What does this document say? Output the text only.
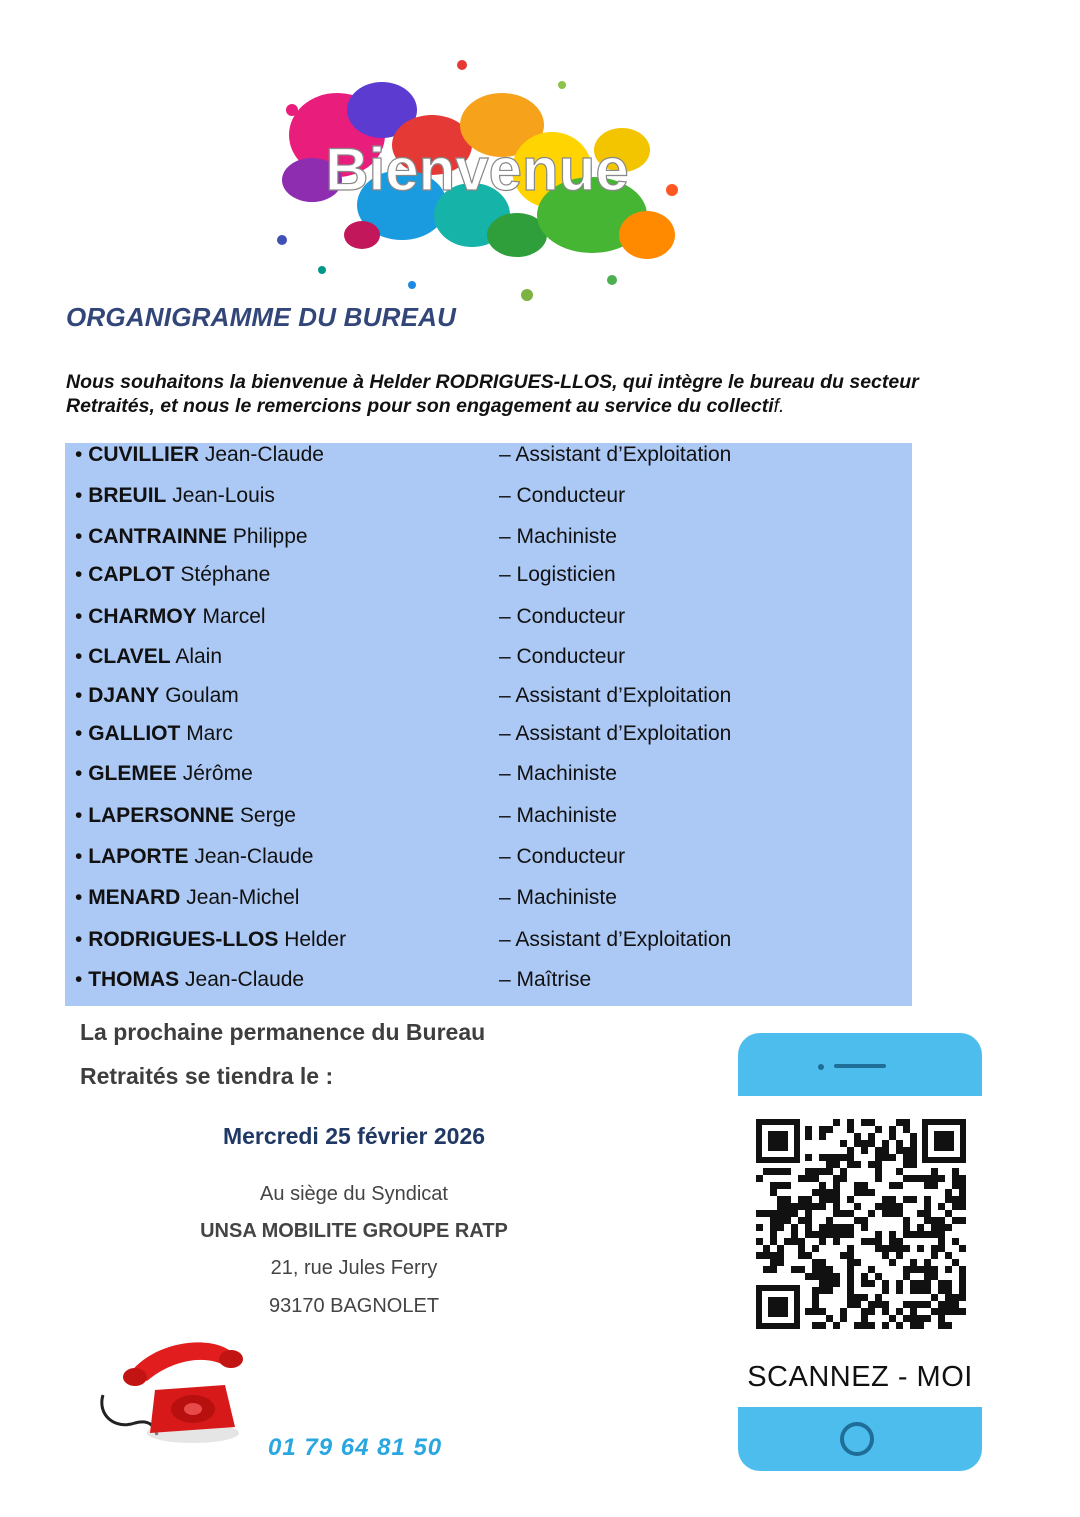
Bienvenue
ORGANIGRAMME DU BUREAU
Nous souhaitons la bienvenue à Helder RODRIGUES-LLOS, qui intègre le bureau du secteur Retraités, et nous le remercions pour son engagement au service du collectif.
• CUVILLIER Jean-Claude	– Assistant d’Exploitation
• BREUIL Jean-Louis	– Conducteur
• CANTRAINNE Philippe	– Machiniste
• CAPLOT Stéphane	– Logisticien
• CHARMOY Marcel	– Conducteur
• CLAVEL Alain	– Conducteur
• DJANY Goulam	– Assistant d’Exploitation
• GALLIOT Marc	– Assistant d’Exploitation
• GLEMEE Jérôme	– Machiniste
• LAPERSONNE Serge	– Machiniste
• LAPORTE Jean-Claude	– Conducteur
• MENARD Jean-Michel	– Machiniste
• RODRIGUES-LLOS Helder	– Assistant d’Exploitation
• THOMAS Jean-Claude	– Maîtrise
La prochaine permanence du Bureau
Retraités se tiendra le :
Mercredi 25 février 2026
Au siège du Syndicat
UNSA MOBILITE GROUPE RATP
21, rue Jules Ferry
93170 BAGNOLET
01 79 64 81 50
SCANNEZ - MOI
